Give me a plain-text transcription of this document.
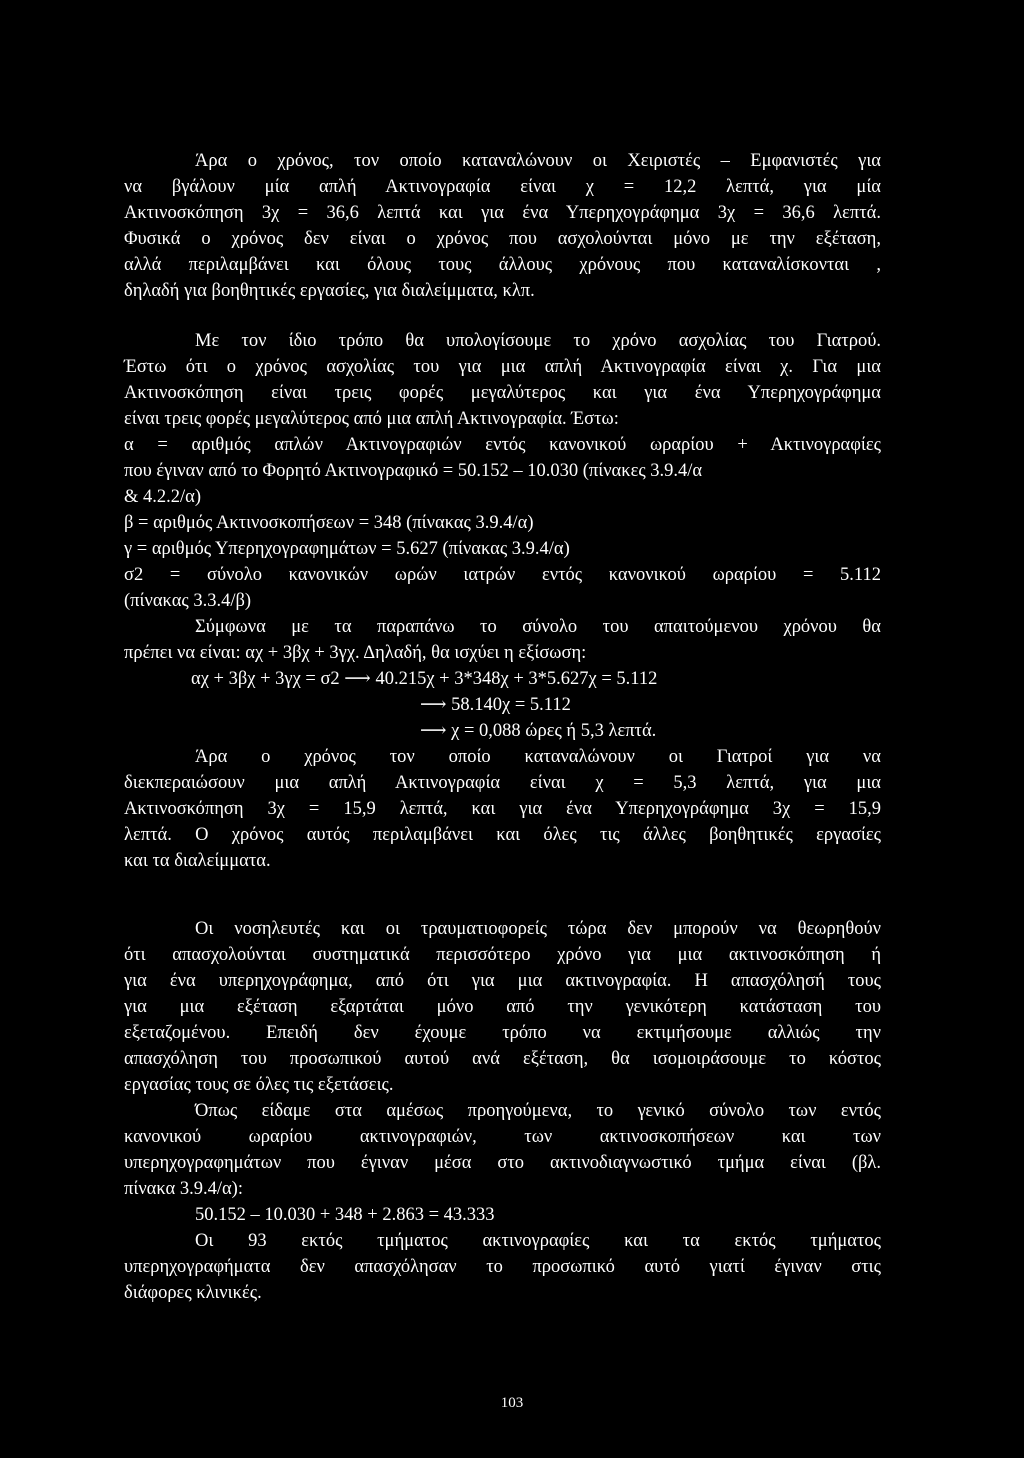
Άρα ο χρόνος, τον οποίο καταναλώνουν οι Χειριστές – Εμφανιστές για
να βγάλουν μία απλή Ακτινογραφία είναι χ = 12,2 λεπτά, για μία
Ακτινοσκόπηση 3χ = 36,6 λεπτά και για ένα Υπερηχογράφημα 3χ = 36,6 λεπτά.
Φυσικά ο χρόνος δεν είναι ο χρόνος που ασχολούνται μόνο με την εξέταση,
αλλά περιλαμβάνει και όλους τους άλλους χρόνους που καταναλίσκονται ,
δηλαδή για βοηθητικές εργασίες, για διαλείμματα, κλπ.
Με τον ίδιο τρόπο θα υπολογίσουμε το χρόνο ασχολίας του Γιατρού.
Έστω ότι ο χρόνος ασχολίας του για μια απλή Ακτινογραφία είναι χ. Για μια
Ακτινοσκόπηση είναι τρεις φορές μεγαλύτερος και για ένα Υπερηχογράφημα
είναι τρεις φορές μεγαλύτερος από μια απλή Ακτινογραφία. Έστω:
α = αριθμός απλών Ακτινογραφιών εντός κανονικού ωραρίου + Ακτινογραφίες
που έγιναν από το Φορητό Ακτινογραφικό = 50.152 – 10.030 (πίνακες 3.9.4/α
& 4.2.2/α)
β = αριθμός Ακτινοσκοπήσεων = 348 (πίνακας 3.9.4/α)
γ = αριθμός Υπερηχογραφημάτων = 5.627 (πίνακας 3.9.4/α)
σ2 = σύνολο κανονικών ωρών ιατρών εντός κανονικού ωραρίου = 5.112
(πίνακας 3.3.4/β)
Σύμφωνα με τα παραπάνω το σύνολο του απαιτούμενου χρόνου θα
πρέπει να είναι: αχ + 3βχ + 3γχ. Δηλαδή, θα ισχύει η εξίσωση:
αχ + 3βχ + 3γχ = σ2 ⟶ 40.215χ + 3*348χ + 3*5.627χ = 5.112
⟶ 58.140χ = 5.112
⟶ χ = 0,088 ώρες ή 5,3 λεπτά.
Άρα ο χρόνος τον οποίο καταναλώνουν οι Γιατροί για να
διεκπεραιώσουν μια απλή Ακτινογραφία είναι χ = 5,3 λεπτά, για μια
Ακτινοσκόπηση 3χ = 15,9 λεπτά, και για ένα Υπερηχογράφημα 3χ = 15,9
λεπτά. Ο χρόνος αυτός περιλαμβάνει και όλες τις άλλες βοηθητικές εργασίες
και τα διαλείμματα.
Οι νοσηλευτές και οι τραυματιοφορείς τώρα δεν μπορούν να θεωρηθούν
ότι απασχολούνται συστηματικά περισσότερο χρόνο για μια ακτινοσκόπηση ή
για ένα υπερηχογράφημα, από ότι για μια ακτινογραφία. Η απασχόλησή τους
για μια εξέταση εξαρτάται μόνο από την γενικότερη κατάσταση του
εξεταζομένου. Επειδή δεν έχουμε τρόπο να εκτιμήσουμε αλλιώς την
απασχόληση του προσωπικού αυτού ανά εξέταση, θα ισομοιράσουμε το κόστος
εργασίας τους σε όλες τις εξετάσεις.
Όπως είδαμε στα αμέσως προηγούμενα, το γενικό σύνολο των εντός
κανονικού ωραρίου ακτινογραφιών, των ακτινοσκοπήσεων και των
υπερηχογραφημάτων που έγιναν μέσα στο ακτινοδιαγνωστικό τμήμα είναι (βλ.
πίνακα 3.9.4/α):
50.152 – 10.030 + 348 + 2.863 = 43.333
Οι 93 εκτός τμήματος ακτινογραφίες και τα εκτός τμήματος
υπερηχογραφήματα δεν απασχόλησαν το προσωπικό αυτό γιατί έγιναν στις
διάφορες κλινικές.
103
